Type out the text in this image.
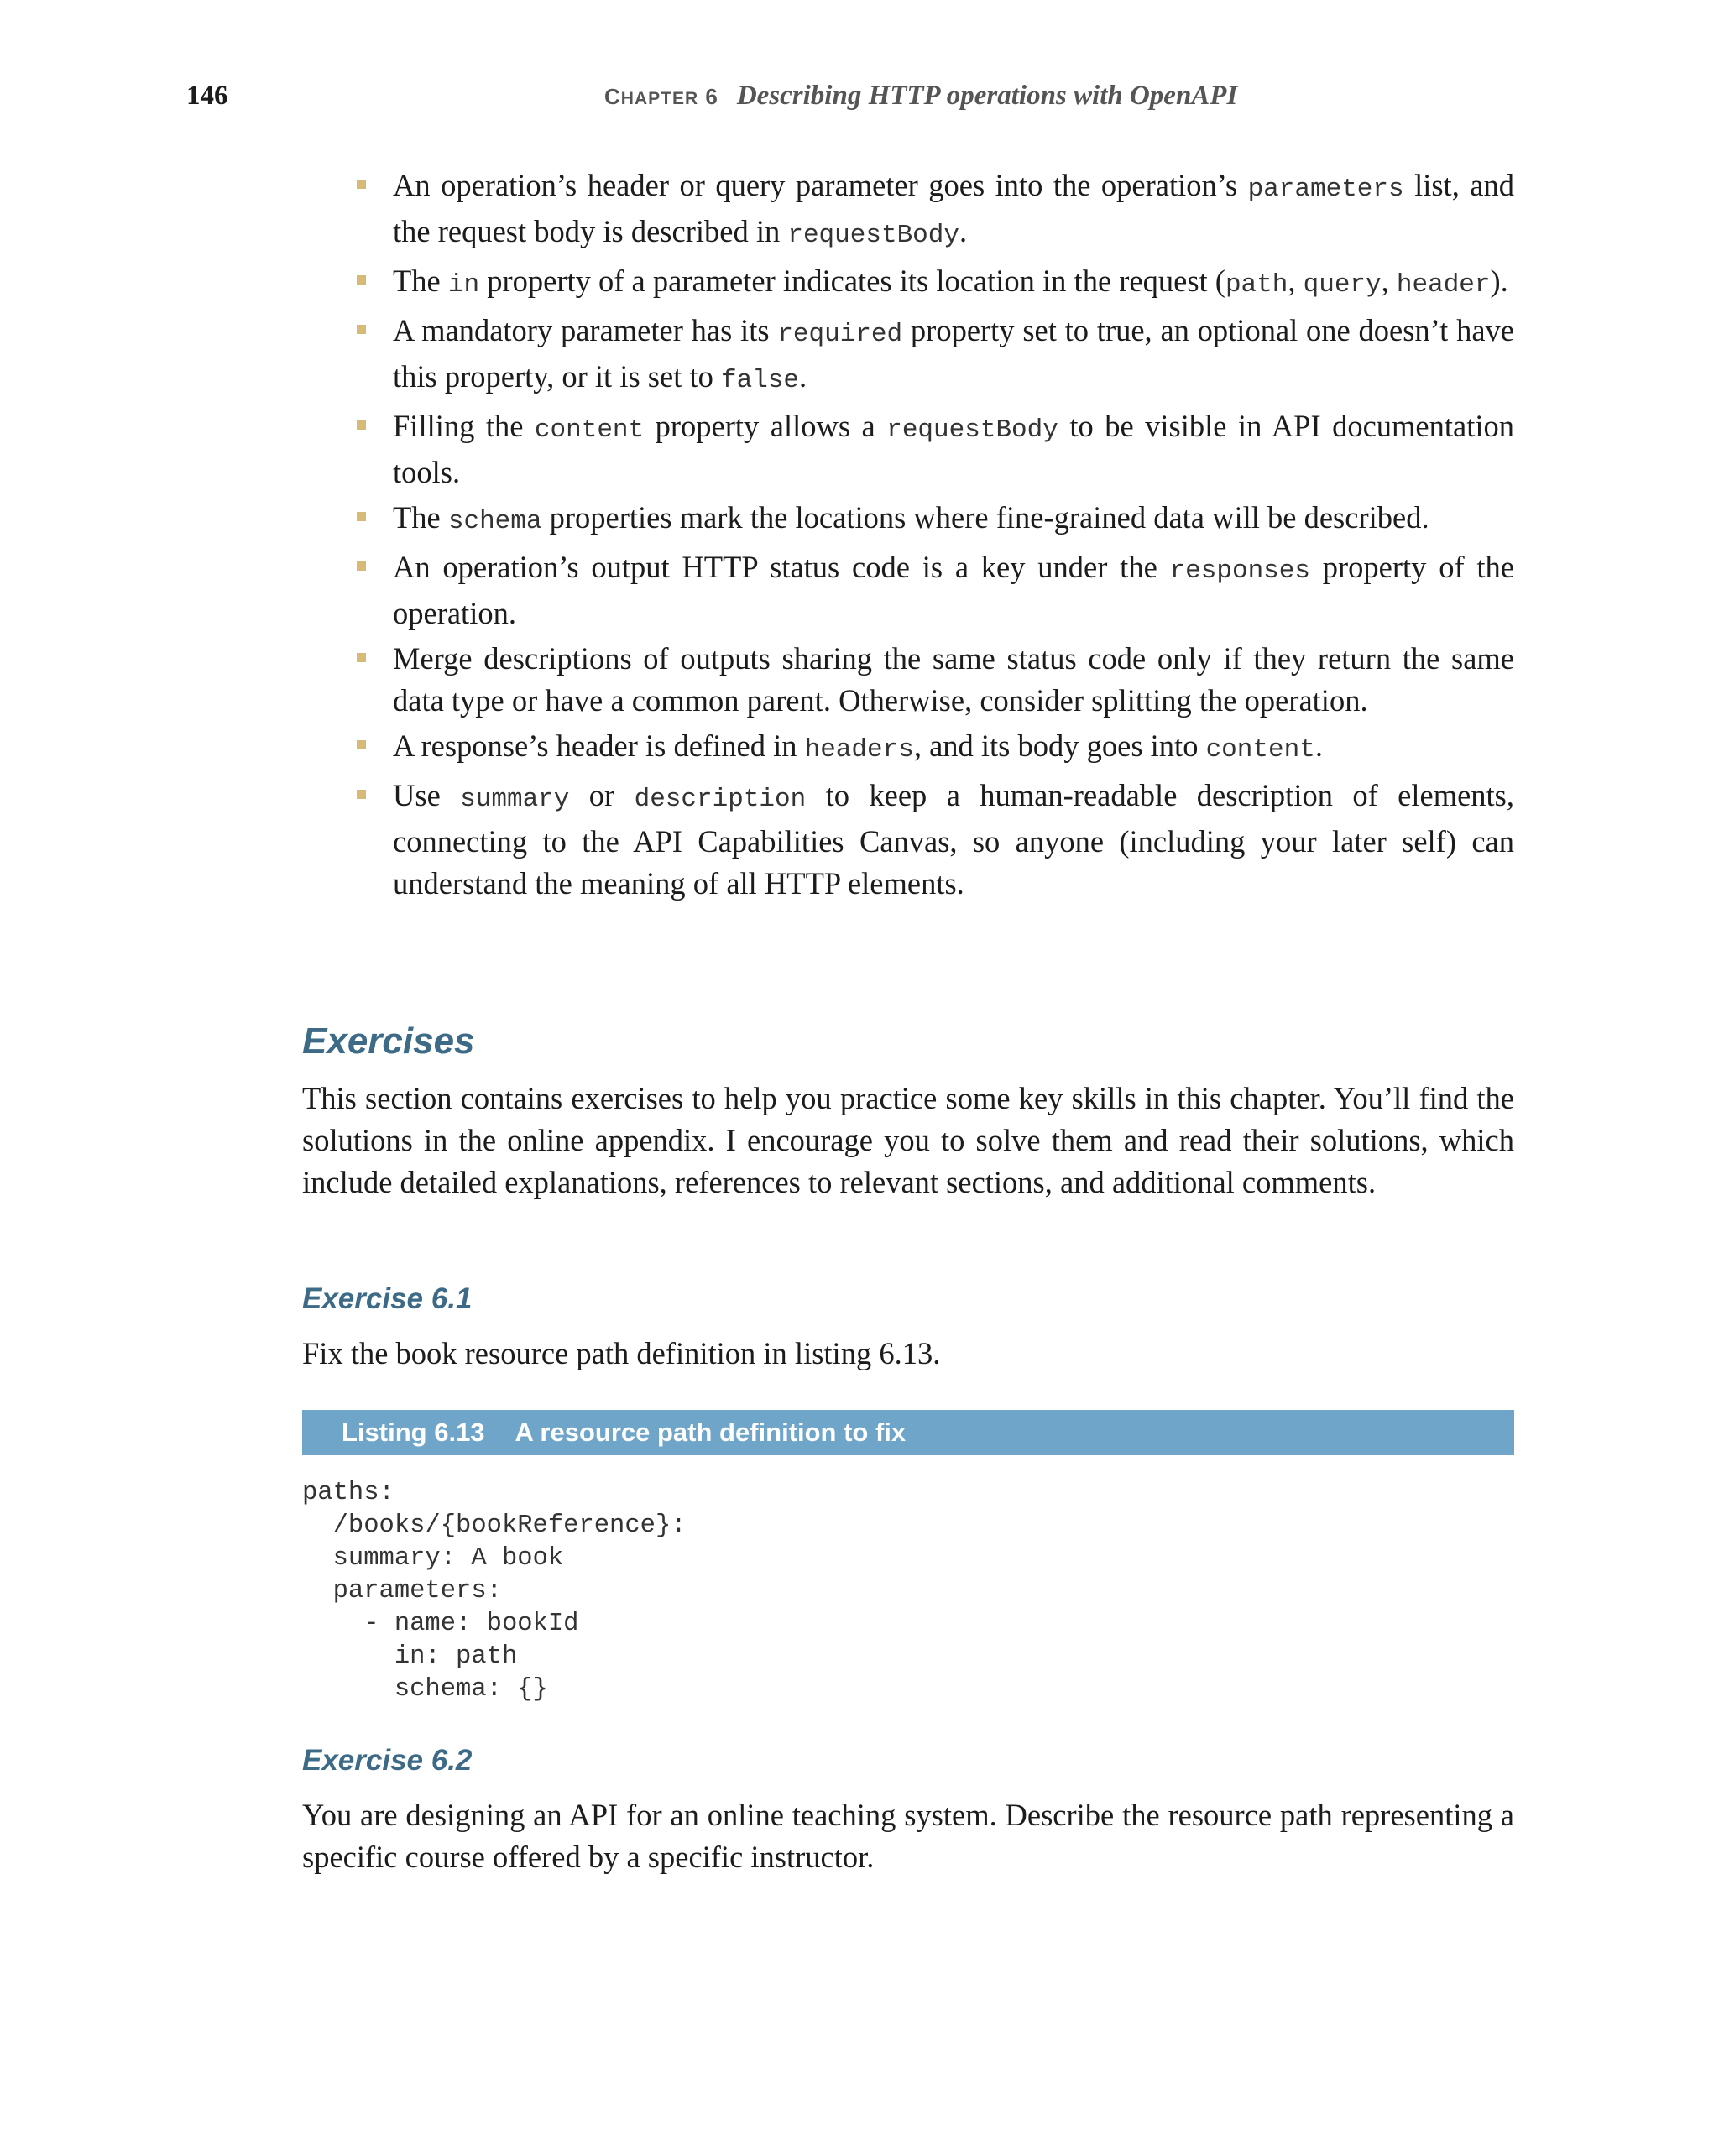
146	CHAPTER 6 Describing HTTP operations with OpenAPI
An operation’s header or query parameter goes into the operation’s parameters list, and the request body is described in requestBody.
The in property of a parameter indicates its location in the request (path, query, header).
A mandatory parameter has its required property set to true, an optional one doesn’t have this property, or it is set to false.
Filling the content property allows a requestBody to be visible in API documentation tools.
The schema properties mark the locations where fine-grained data will be described.
An operation’s output HTTP status code is a key under the responses property of the operation.
Merge descriptions of outputs sharing the same status code only if they return the same data type or have a common parent. Otherwise, consider splitting the operation.
A response’s header is defined in headers, and its body goes into content.
Use summary or description to keep a human-readable description of elements, connecting to the API Capabilities Canvas, so anyone (including your later self) can understand the meaning of all HTTP elements.
Exercises

This section contains exercises to help you practice some key skills in this chapter. You’ll find the solutions in the online appendix. I encourage you to solve them and read their solutions, which include detailed explanations, references to relevant sections, and additional comments.

Exercise 6.1

Fix the book resource path definition in listing 6.13.

Listing 6.13 A resource path definition to fix
paths:
/books/{bookReference}:
summary: A book
parameters:
- name: bookId
in: path
schema: {}
Exercise 6.2

You are designing an API for an online teaching system. Describe the resource path representing a specific course offered by a specific instructor.
